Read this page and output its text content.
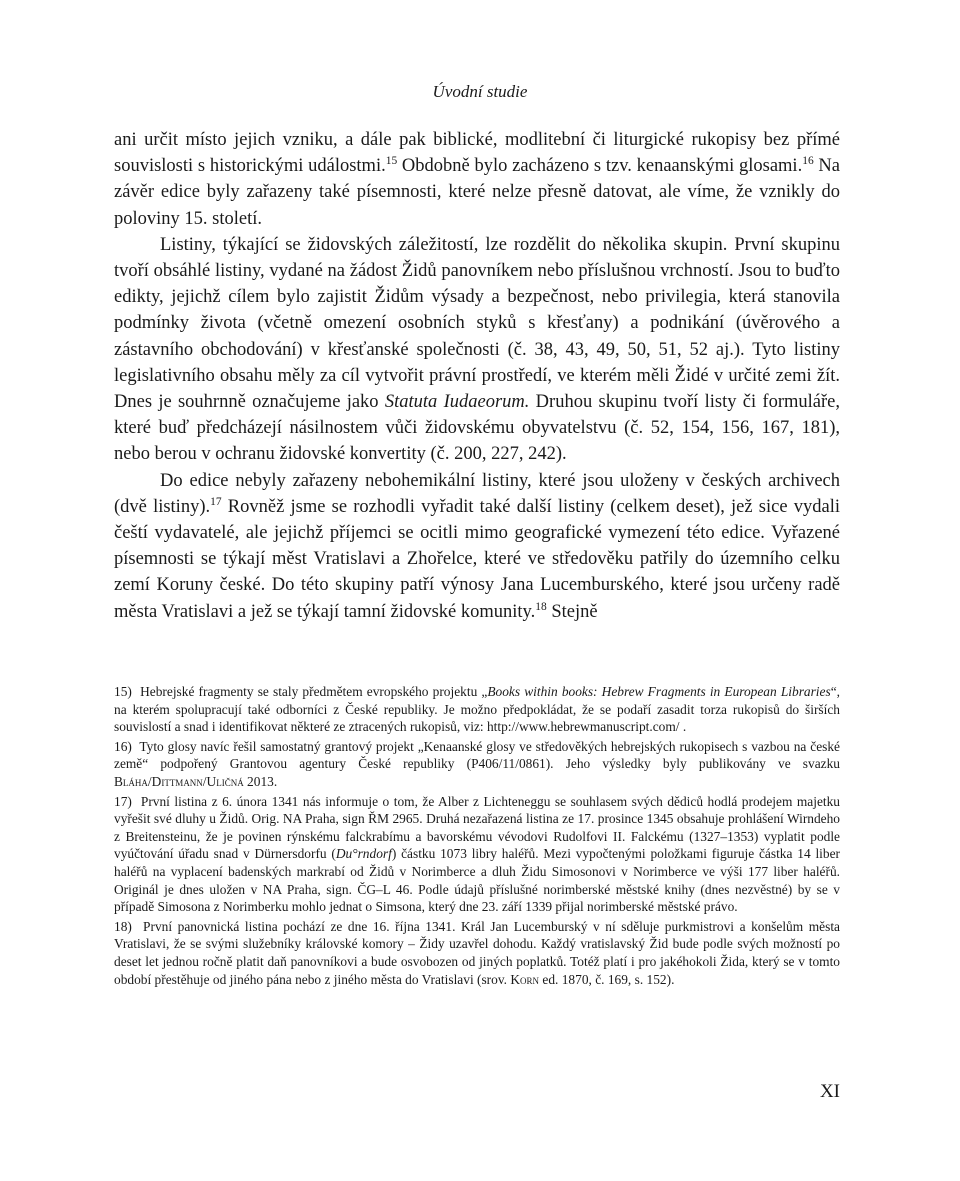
Úvodní studie

ani určit místo jejich vzniku, a dále pak biblické, modlitební či liturgické rukopisy bez přímé souvislosti s historickými událostmi.$^{15}$ Obdobně bylo zacházeno s tzv. kenaanskými glosami.$^{16}$ Na závěr edice byly zařazeny také písemnosti, které nelze přesně datovat, ale víme, že vznikly do poloviny 15. století.

Listiny, týkající se židovských záležitostí, lze rozdělit do několika skupin. První skupinu tvoří obsáhlé listiny, vydané na žádost Židů panovníkem nebo příslušnou vrchností. Jsou to buďto edikty, jejichž cílem bylo zajistit Židům výsady a bezpečnost, nebo privilegia, která stanovila podmínky života (včetně omezení osobních styků s křesťany) a podnikání (úvěrového a zástavního obchodování) v křesťanské společnosti (č. 38, 43, 49, 50, 51, 52 aj.). Tyto listiny legislativního obsahu měly za cíl vytvořit právní prostředí, ve kterém měli Židé v určité zemi žít. Dnes je souhrnně označujeme jako Statuta Iudaeorum. Druhou skupinu tvoří listy či formuláře, které buď předcházejí násilnostem vůči židovskému obyvatelstvu (č. 52, 154, 156, 167, 181), nebo berou v ochranu židovské konvertity (č. 200, 227, 242).

Do edice nebyly zařazeny nebohemikální listiny, které jsou uloženy v českých archivech (dvě listiny).$^{17}$ Rovněž jsme se rozhodli vyřadit také další listiny (celkem deset), jež sice vydali čeští vydavatelé, ale jejichž příjemci se ocitli mimo geografické vymezení této edice. Vyřazené písemnosti se týkají měst Vratislavi a Zhořelce, které ve středověku patřily do územního celku zemí Koruny české. Do této skupiny patří výnosy Jana Lucemburského, které jsou určeny radě města Vratislavi a jež se týkají tamní židovské komunity.$^{18}$ Stejně

15) Hebrejské fragmenty se staly předmětem evropského projektu „Books within books: Hebrew Fragments in European Libraries“, na kterém spolupracují také odborníci z České republiky. Je možno předpokládat, že se podaří zasadit torza rukopisů do širších souvislostí a snad i identifikovat některé ze ztracených rukopisů, viz: http://www.hebrewmanuscript.com/ .

16) Tyto glosy navíc řešil samostatný grantový projekt „Kenaanské glosy ve středověkých hebrejských rukopisech s vazbou na české země“ podpořený Grantovou agentury České republiky (P406/11/0861). Jeho výsledky byly publikovány ve svazku Bláha/Dittmann/Uličná 2013.

17) První listina z 6. února 1341 nás informuje o tom, že Alber z Lichteneggu se souhlasem svých dědiců hodlá prodejem majetku vyřešit své dluhy u Židů. Orig. NA Praha, sign ŘM 2965. Druhá nezařazená listina ze 17. prosince 1345 obsahuje prohlášení Wirndeho z Breitensteinu, že je povinen rýnskému falckrabímu a bavorskému vévodovi Rudolfovi II. Falckému (1327–1353) vyplatit podle vyúčtování úřadu snad v Dürnersdorfu (Du°rndorf) částku 1073 libry haléřů. Mezi vypočtenými položkami figuruje částka 14 liber haléřů na vyplacení badenských markrabí od Židů v Norimberce a dluh Židu Simosonovi v Norimberce ve výši 177 liber haléřů. Originál je dnes uložen v NA Praha, sign. ČG–L 46. Podle údajů příslušné norimberské městské knihy (dnes nezvěstné) by se v případě Simosona z Norimberku mohlo jednat o Simsona, který dne 23. září 1339 přijal norimberské městské právo.

18) První panovnická listina pochází ze dne 16. října 1341. Král Jan Lucemburský v ní sděluje purkmistrovi a konšelům města Vratislavi, že se svými služebníky královské komory – Židy uzavřel dohodu. Každý vratislavský Žid bude podle svých možností po deset let jednou ročně platit daň panovníkovi a bude osvobozen od jiných poplatků. Totéž platí i pro jakéhokoli Žida, který se v tomto období přestěhuje od jiného pána nebo z jiného města do Vratislavi (srov. Korn ed. 1870, č. 169, s. 152).

XI
